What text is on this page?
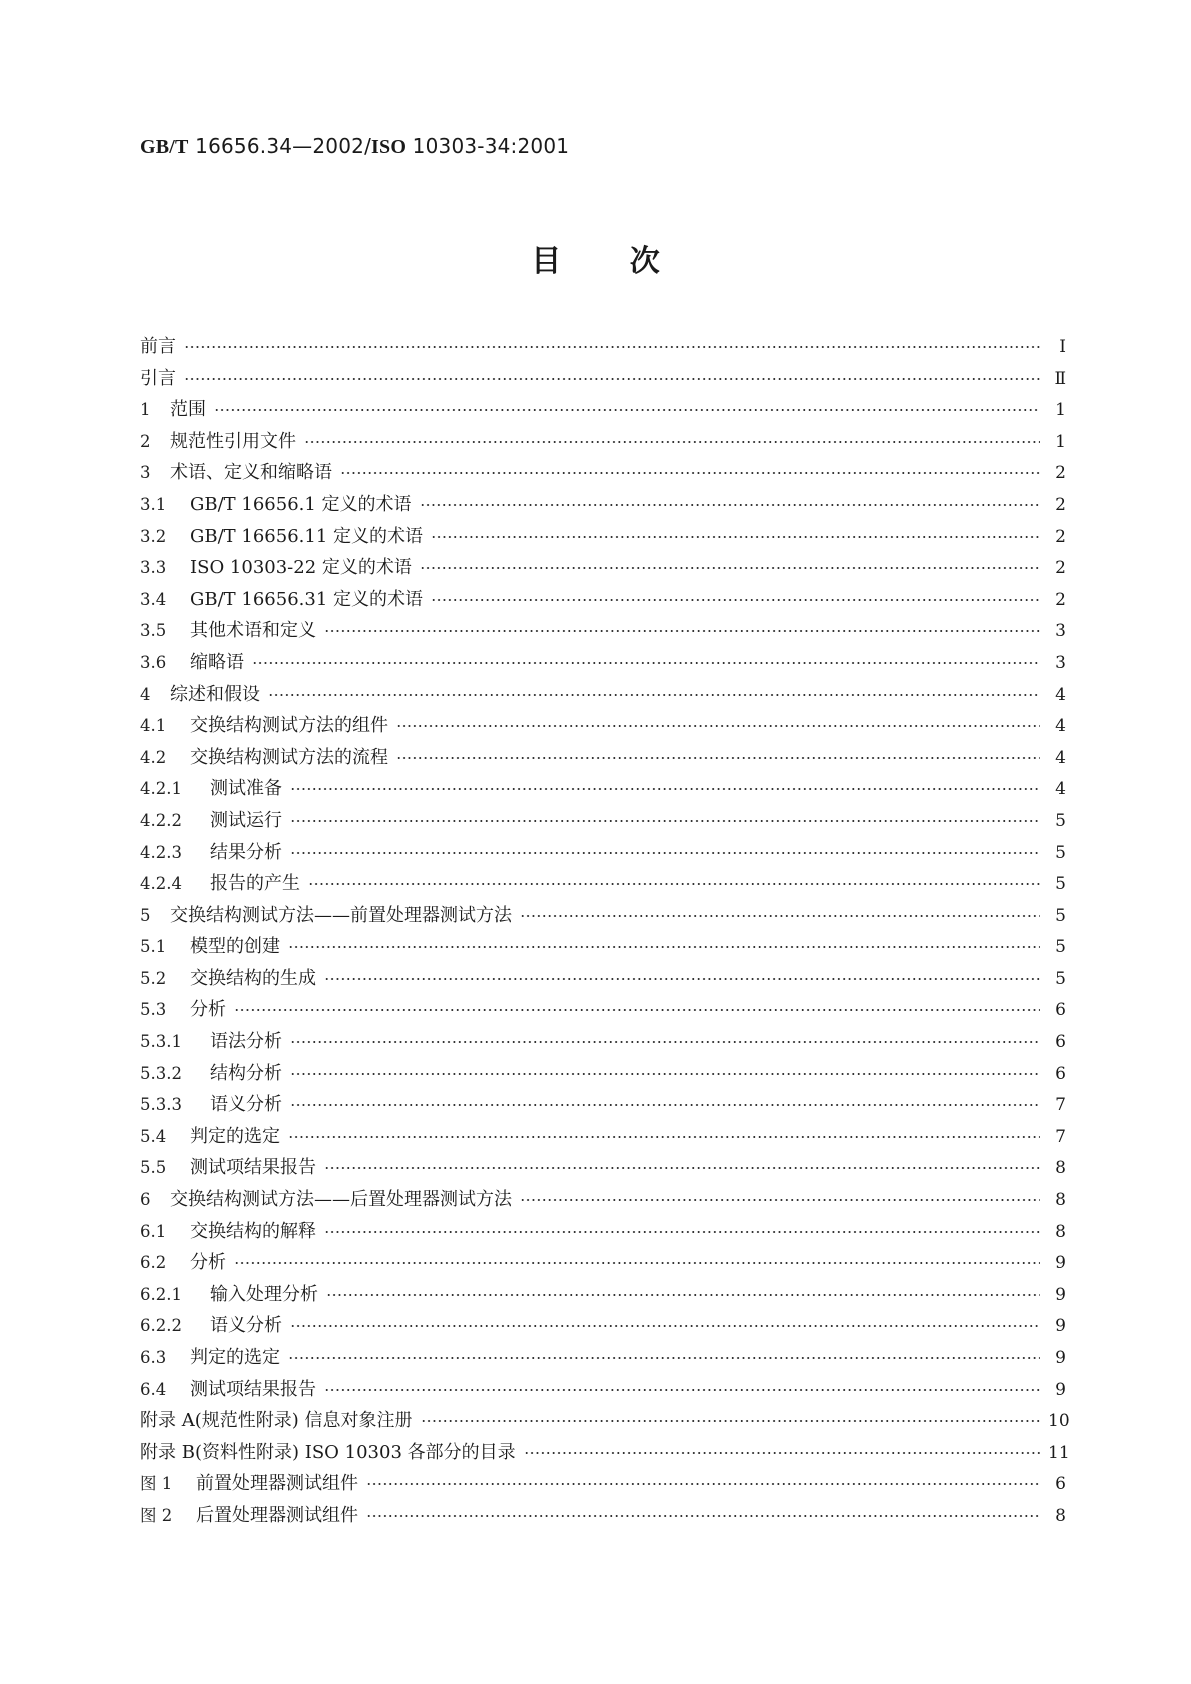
GB/T 16656.34—2002/ISO 10303-34:2001
目 次
前言	Ⅰ
引言	Ⅱ
1	范围	1
2	规范性引用文件	1
3	术语、定义和缩略语	2
3.1	GB/T 16656.1 定义的术语	2
3.2	GB/T 16656.11 定义的术语	2
3.3	ISO 10303-22 定义的术语	2
3.4	GB/T 16656.31 定义的术语	2
3.5	其他术语和定义	3
3.6	缩略语	3
4	综述和假设	4
4.1	交换结构测试方法的组件	4
4.2	交换结构测试方法的流程	4
4.2.1	测试准备	4
4.2.2	测试运行	5
4.2.3	结果分析	5
4.2.4	报告的产生	5
5	交换结构测试方法——前置处理器测试方法	5
5.1	模型的创建	5
5.2	交换结构的生成	5
5.3	分析	6
5.3.1	语法分析	6
5.3.2	结构分析	6
5.3.3	语义分析	7
5.4	判定的选定	7
5.5	测试项结果报告	8
6	交换结构测试方法——后置处理器测试方法	8
6.1	交换结构的解释	8
6.2	分析	9
6.2.1	输入处理分析	9
6.2.2	语义分析	9
6.3	判定的选定	9
6.4	测试项结果报告	9
附录 A(规范性附录) 信息对象注册	10
附录 B(资料性附录) ISO 10303 各部分的目录	11
图 1	前置处理器测试组件	6
图 2	后置处理器测试组件	8
